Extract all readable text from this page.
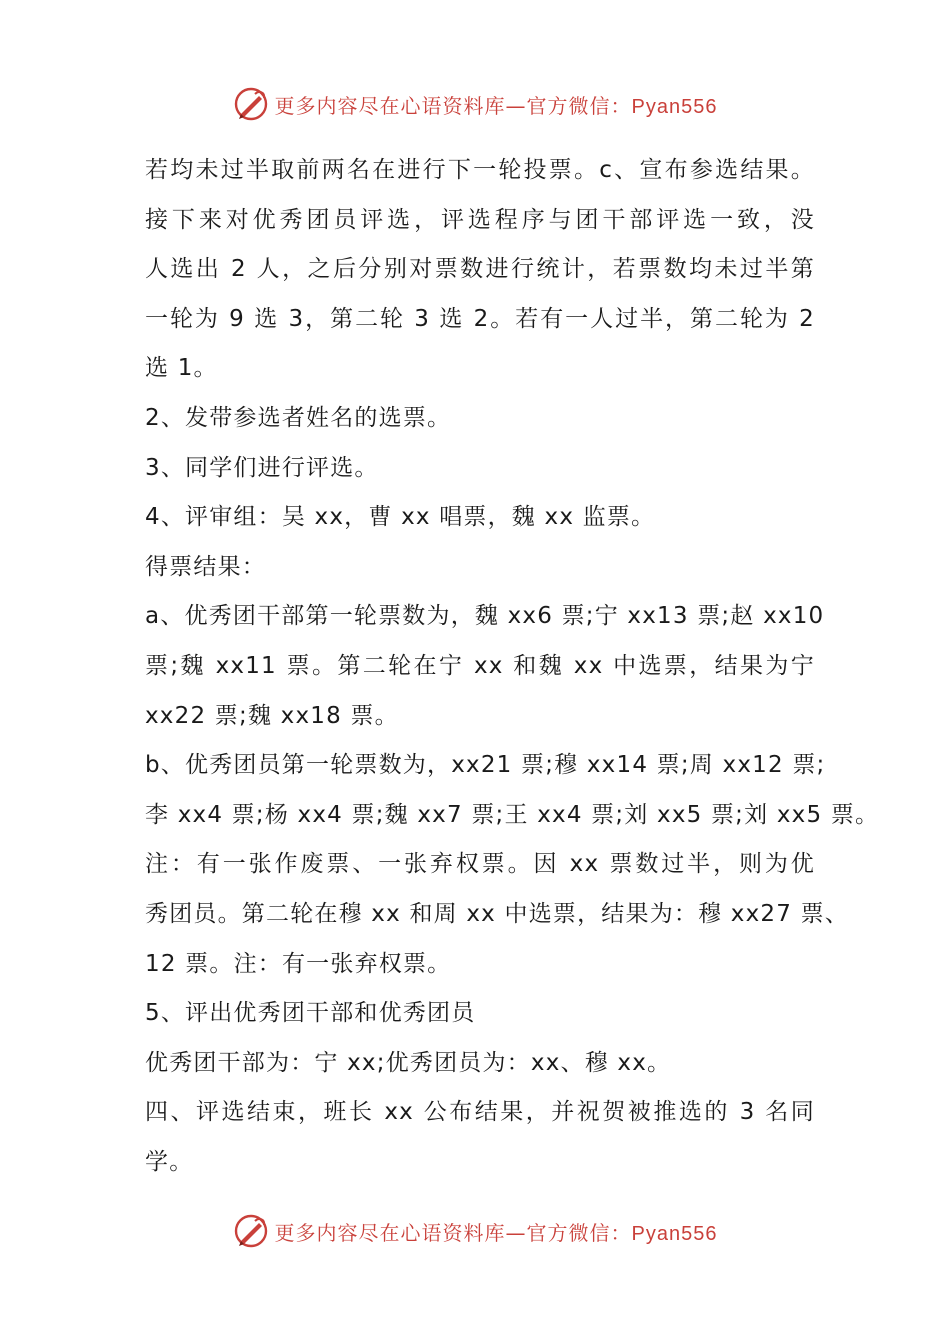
更多内容尽在心语资料库—官方微信：Pyan556
若均未过半取前两名在进行下一轮投票。c、宣布参选结果。
接下来对优秀团员评选，评选程序与团干部评选一致，没
人选出 2 人，之后分别对票数进行统计，若票数均未过半第
一轮为 9 选 3，第二轮 3 选 2。若有一人过半，第二轮为 2
选 1。
2、发带参选者姓名的选票。
3、同学们进行评选。
4、评审组：吴 xx，曹 xx 唱票，魏 xx 监票。
得票结果：
a、优秀团干部第一轮票数为，魏 xx6 票;宁 xx13 票;赵 xx10
票;魏 xx11 票。第二轮在宁 xx 和魏 xx 中选票，结果为宁
xx22 票;魏 xx18 票。
b、优秀团员第一轮票数为，xx21 票;穆 xx14 票;周 xx12 票;
李 xx4 票;杨 xx4 票;魏 xx7 票;王 xx4 票;刘 xx5 票;刘 xx5 票。
注：有一张作废票、一张弃权票。因 xx 票数过半，则为优
秀团员。第二轮在穆 xx 和周 xx 中选票，结果为：穆 xx27 票、
12 票。注：有一张弃权票。
5、评出优秀团干部和优秀团员
优秀团干部为：宁 xx;优秀团员为：xx、穆 xx。
四、评选结束，班长 xx 公布结果，并祝贺被推选的 3 名同
学。
更多内容尽在心语资料库—官方微信：Pyan556
